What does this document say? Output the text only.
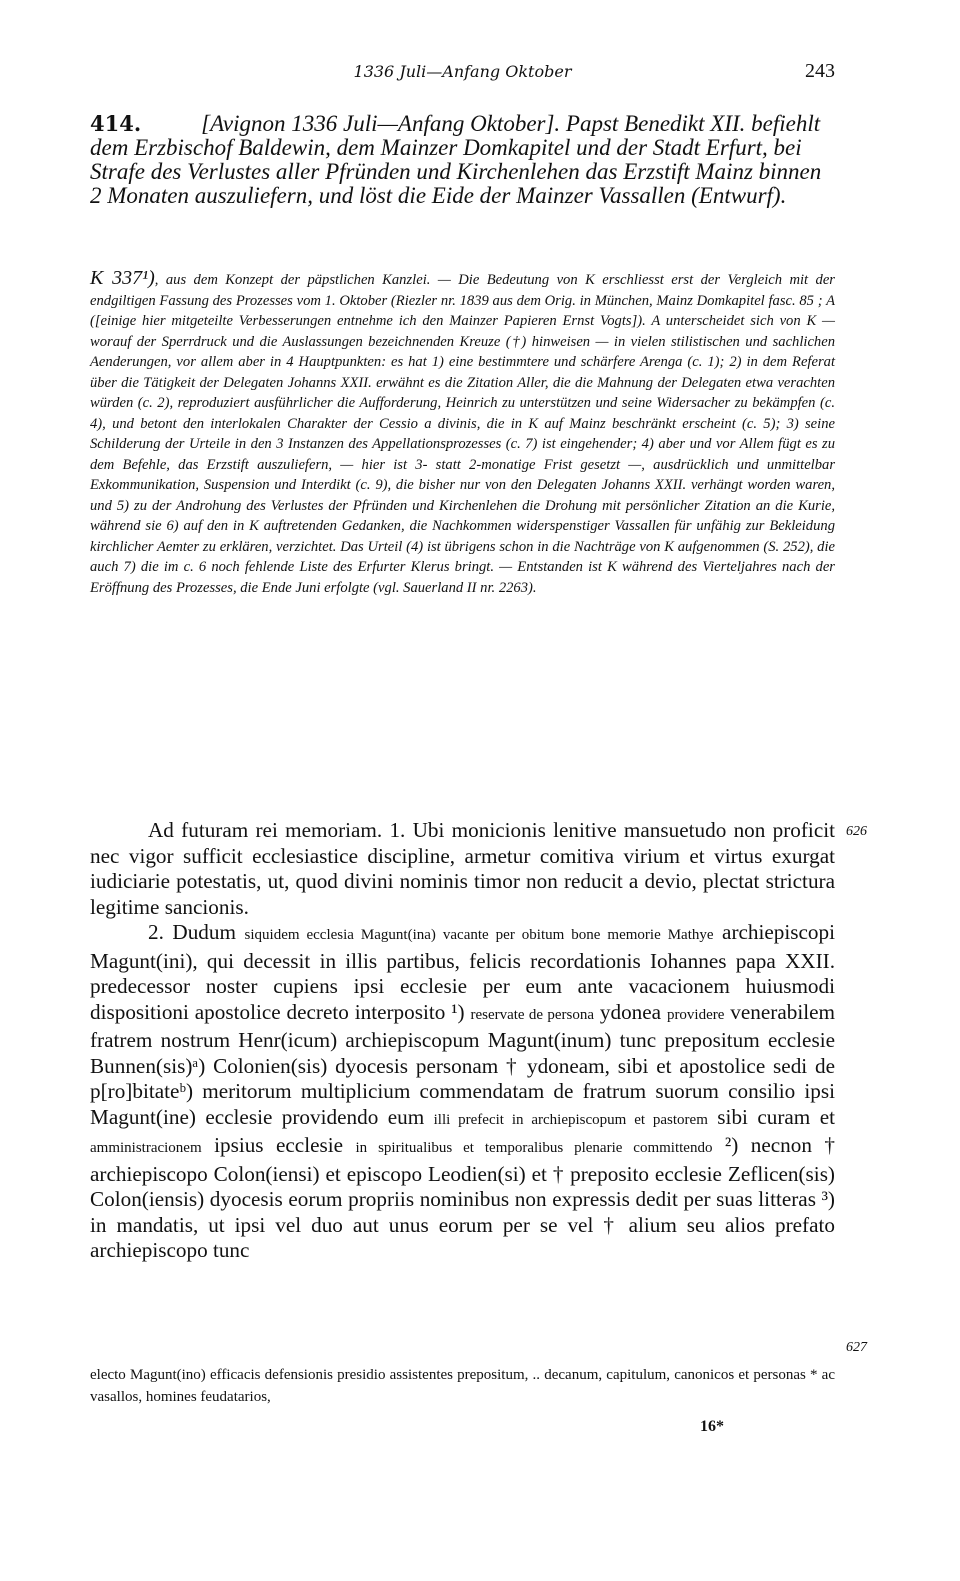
1336 Juli—Anfang Oktober	243
414.	[Avignon 1336 Juli—Anfang Oktober]. Papst Benedikt XII. befiehlt dem Erzbischof Baldewin, dem Mainzer Domkapitel und der Stadt Erfurt, bei Strafe des Verlustes aller Pfründen und Kirchenlehen das Erzstift Mainz binnen 2 Monaten auszuliefern, und löst die Eide der Mainzer Vassallen (Entwurf).
K 337¹), aus dem Konzept der päpstlichen Kanzlei. — Die Bedeutung von K erschliesst erst der Vergleich mit der endgiltigen Fassung des Prozesses vom 1. Oktober (Riezler nr. 1839 aus dem Orig. in München, Mainz Domkapitel fasc. 85 ; A ([einige hier mitgeteilte Verbesserungen entnehme ich den Mainzer Papieren Ernst Vogts]). A unterscheidet sich von K — worauf der Sperrdruck und die Auslassungen bezeichnenden Kreuze (†) hinweisen — in vielen stilistischen und sachlichen Aenderungen, vor allem aber in 4 Hauptpunkten: es hat 1) eine bestimmtere und schärfere Arenga (c. 1); 2) in dem Referat über die Tätigkeit der Delegaten Johanns XXII. erwähnt es die Zitation Aller, die die Mahnung der Delegaten etwa verachten würden (c. 2), reproduziert ausführlicher die Aufforderung, Heinrich zu unterstützen und seine Widersacher zu bekämpfen (c. 4), und betont den interlokalen Charakter der Cessio a divinis, die in K auf Mainz beschränkt erscheint (c. 5); 3) seine Schilderung der Urteile in den 3 Instanzen des Appellationsprozesses (c. 7) ist eingehender; 4) aber und vor Allem fügt es zu dem Befehle, das Erzstift auszuliefern, — hier ist 3- statt 2-monatige Frist gesetzt —, ausdrücklich und unmittelbar Exkommunikation, Suspension und Interdikt (c. 9), die bisher nur von den Delegaten Johanns XXII. verhängt worden waren, und 5) zu der Androhung des Verlustes der Pfründen und Kirchenlehen die Drohung mit persönlicher Zitation an die Kurie, während sie 6) auf den in K auftretenden Gedanken, die Nachkommen widerspenstiger Vassallen für unfähig zur Bekleidung kirchlicher Aemter zu erklären, verzichtet. Das Urteil (4) ist übrigens schon in die Nachträge von K aufgenommen (S. 252), die auch 7) die im c. 6 noch fehlende Liste des Erfurter Klerus bringt. — Entstanden ist K während des Vierteljahres nach der Eröffnung des Prozesses, die Ende Juni erfolgte (vgl. Sauerland II nr. 2263).

Ad futuram rei memoriam. 1. Ubi monicionis lenitive mansuetudo non proficit nec vigor sufficit ecclesiastice discipline, armetur comitiva virium et virtus exurgat iudiciarie potestatis, ut, quod divini nominis timor non reducit a devio, plectat strictura legitime sancionis.

2. Dudum siquidem ecclesia Magunt(ina) vacante per obitum bone memorie Mathye archiepiscopi Magunt(ini), qui decessit in illis partibus, felicis recordationis Iohannes papa XXII. predecessor noster cupiens ipsi ecclesie per eum ante vacacionem huiusmodi dispositioni apostolice decreto interposito ¹) reservate de persona ydonea providere venerabilem fratrem nostrum Henr(icum) archiepiscopum Magunt(inum) tunc prepositum ecclesie Bunnen(sis)ᵃ) Colonien(sis) dyocesis personam † ydoneam, sibi et apostolice sedi de p[ro]bitateᵇ) meritorum multiplicium commendatam de fratrum suorum consilio ipsi Magunt(ine) ecclesie providendo eum illi prefecit in archiepiscopum et pastorem sibi curam et amministracionem ipsius ecclesie in spiritualibus et temporalibus plenarie committendo ²) necnon † archiepiscopo Colon(iensi) et episcopo Leodien(si) et † preposito ecclesie Zeflicen(sis) Colon(iensis) dyocesis eorum propriis nominibus non expressis dedit per suas litteras ³) in mandatis, ut ipsi vel duo aut unus eorum per se vel † alium seu alios prefato archiepiscopo tunc

electo Magunt(ino) efficacis defensionis presidio assistentes prepositum, .. decanum, capitulum, canonicos et personas * ac vasallos, homines feudatarios,
626
627
16*
